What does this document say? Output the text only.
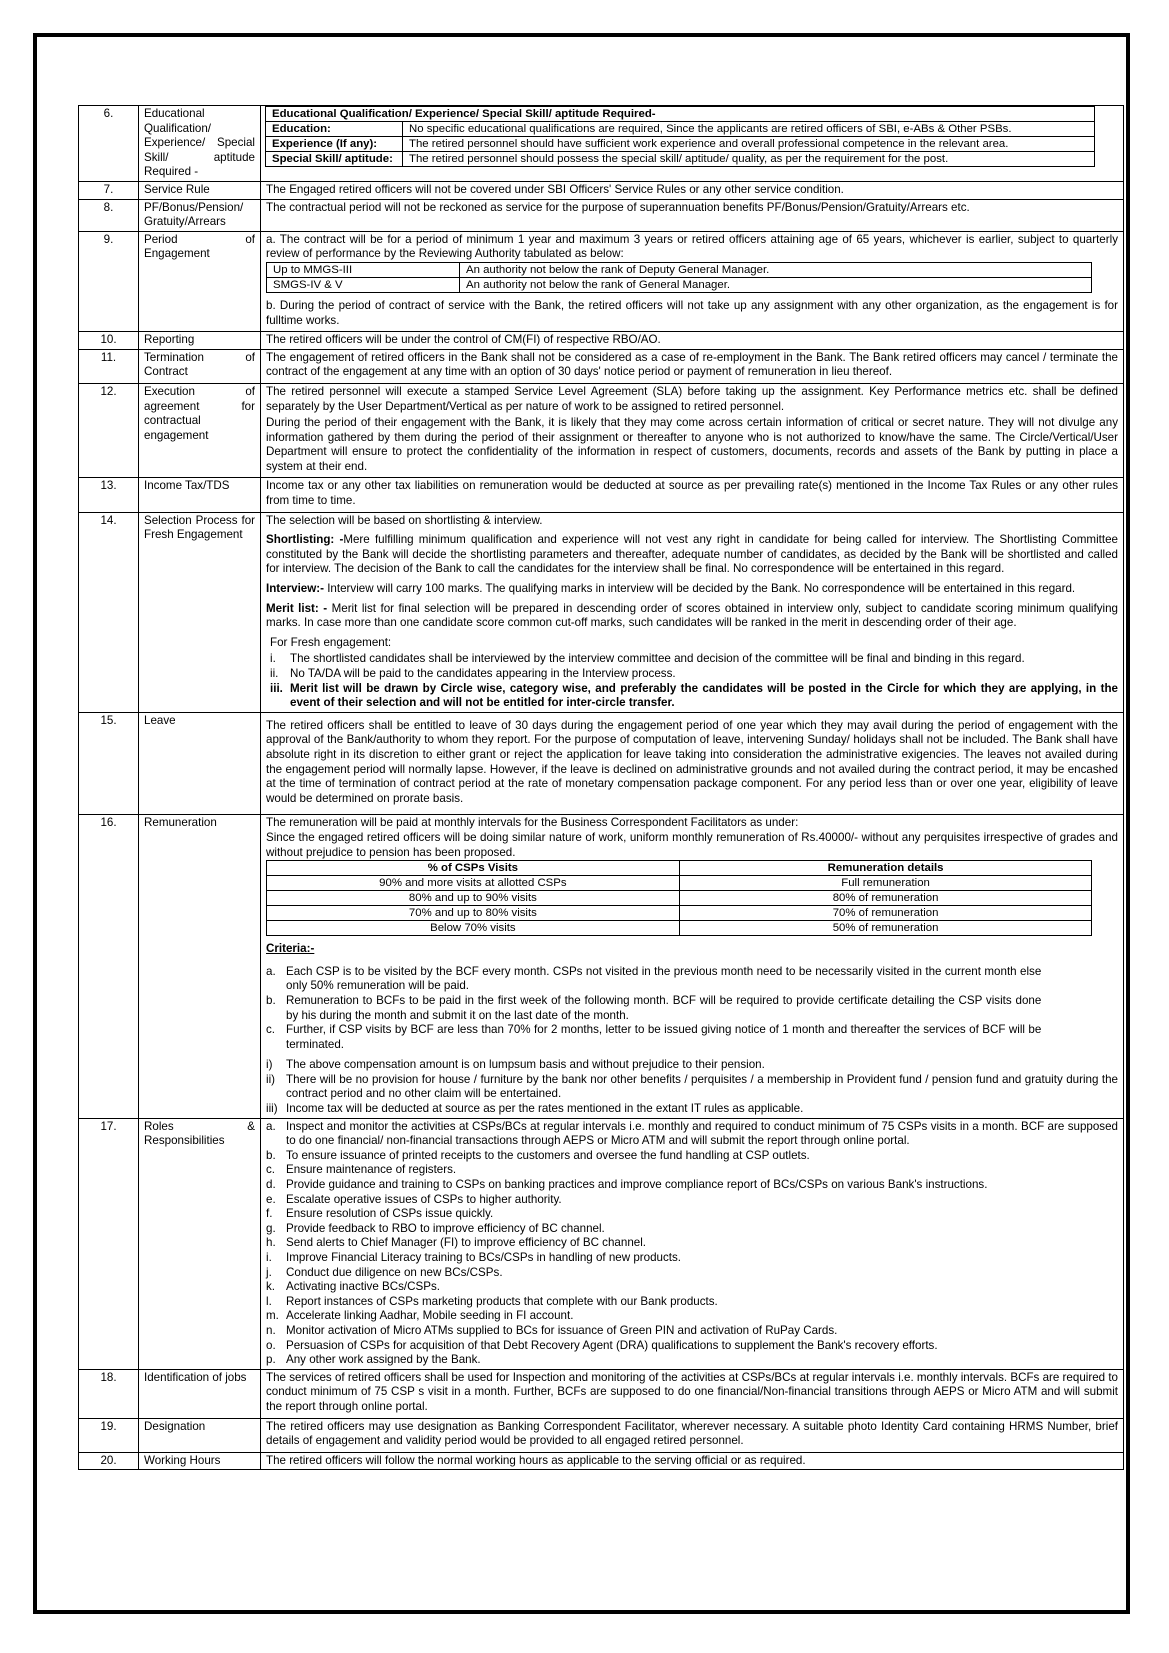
6.	Educational Qualification/ Experience/ Special Skill/ aptitude Required -	
Educational Qualification/ Experience/ Special Skill/ aptitude Required-
Education:	No specific educational qualifications are required, Since the applicants are retired officers of SBI, e-ABs & Other PSBs.
Experience (If any):	The retired personnel should have sufficient work experience and overall professional competence in the relevant area.
Special Skill/ aptitude:	The retired personnel should possess the special skill/ aptitude/ quality, as per the requirement for the post.

7.	Service Rule	The Engaged retired officers will not be covered under SBI Officers' Service Rules or any other service condition.
8.	PF/Bonus/Pension/ Gratuity/Arrears	The contractual period will not be reckoned as service for the purpose of superannuation benefits PF/Bonus/Pension/Gratuity/Arrears etc.
9.	Period of Engagement	

a. The contract will be for a period of minimum 1 year and maximum 3 years or retired officers attaining age of 65 years, whichever is earlier, subject to quarterly review of performance by the Reviewing Authority tabulated as below:

Up to MMGS-III	An authority not below the rank of Deputy General Manager.
SMGS-IV & V	An authority not below the rank of General Manager.

b. During the period of contract of service with the Bank, the retired officers will not take up any assignment with any other organization, as the engagement is for fulltime works.

10.	Reporting	The retired officers will be under the control of CM(FI) of respective RBO/AO.
11.	Termination of Contract	

The engagement of retired officers in the Bank shall not be considered as a case of re-employment in the Bank. The Bank retired officers may cancel / terminate the contract of the engagement at any time with an option of 30 days' notice period or payment of remuneration in lieu thereof.

12.	Execution of agreement for contractual engagement	

The retired personnel will execute a stamped Service Level Agreement (SLA) before taking up the assignment. Key Performance metrics etc. shall be defined separately by the User Department/Vertical as per nature of work to be assigned to retired personnel.

During the period of their engagement with the Bank, it is likely that they may come across certain information of critical or secret nature. They will not divulge any information gathered by them during the period of their assignment or thereafter to anyone who is not authorized to know/have the same. The Circle/Vertical/User Department will ensure to protect the confidentiality of the information in respect of customers, documents, records and assets of the Bank by putting in place a system at their end.

13.	Income Tax/TDS	Income tax or any other tax liabilities on remuneration would be deducted at source as per prevailing rate(s) mentioned in the Income Tax Rules or any other rules from time to time.

14.	Selection Process for Fresh Engagement	

The selection will be based on shortlisting & interview.

Shortlisting: -Mere fulfilling minimum qualification and experience will not vest any right in candidate for being called for interview. The Shortlisting Committee constituted by the Bank will decide the shortlisting parameters and thereafter, adequate number of candidates, as decided by the Bank will be shortlisted and called for interview. The decision of the Bank to call the candidates for the interview shall be final. No correspondence will be entertained in this regard.

Interview:- Interview will carry 100 marks. The qualifying marks in interview will be decided by the Bank. No correspondence will be entertained in this regard.

Merit list: - Merit list for final selection will be prepared in descending order of scores obtained in interview only, subject to candidate scoring minimum qualifying marks. In case more than one candidate score common cut-off marks, such candidates will be ranked in the merit in descending order of their age.

For Fresh engagement:

i.	The shortlisted candidates shall be interviewed by the interview committee and decision of the committee will be final and binding in this regard.
ii.	No TA/DA will be paid to the candidates appearing in the Interview process.
iii. Merit list will be drawn by Circle wise, category wise, and preferably the candidates will be posted in the Circle for which they are applying, in the event of their selection and will not be entitled for inter-circle transfer.

15.	Leave	The retired officers shall be entitled to leave of 30 days during the engagement period of one year which they may avail during the period of engagement with the approval of the Bank/authority to whom they report. For the purpose of computation of leave, intervening Sunday/ holidays shall not be included. The Bank shall have absolute right in its discretion to either grant or reject the application for leave taking into consideration the administrative exigencies. The leaves not availed during the engagement period will normally lapse. However, if the leave is declined on administrative grounds and not availed during the contract period, it may be encashed at the time of termination of contract period at the rate of monetary compensation package component. For any period less than or over one year, eligibility of leave would be determined on prorate basis.

16.	Remuneration	The remuneration will be paid at monthly intervals for the Business Correspondent Facilitators as under:

Since the engaged retired officers will be doing similar nature of work, uniform monthly remuneration of Rs.40000/- without any perquisites irrespective of grades and without prejudice to pension has been proposed.

% of CSPs Visits	Remuneration details
90% and more visits at allotted CSPs	Full remuneration
80% and up to 90% visits	80% of remuneration
70% and up to 80% visits	70% of remuneration
Below 70% visits	50% of remuneration

Criteria:-

a. Each CSP is to be visited by the BCF every month. CSPs not visited in the previous month need to be necessarily visited in the current month else only 50% remuneration will be paid.
b. Remuneration to BCFs to be paid in the first week of the following month. BCF will be required to provide certificate detailing the CSP visits done by his during the month and submit it on the last date of the month.
c. Further, if CSP visits by BCF are less than 70% for 2 months, letter to be issued giving notice of 1 month and thereafter the services of BCF will be terminated.
i)	The above compensation amount is on lumpsum basis and without prejudice to their pension.
ii) There will be no provision for house / furniture by the bank nor other benefits / perquisites / a membership in Provident fund / pension fund and gratuity during the contract period and no other claim will be entertained.
iii) Income tax will be deducted at source as per the rates mentioned in the extant IT rules as applicable.

17.	Roles & Responsibilities	
a. Inspect and monitor the activities at CSPs/BCs at regular intervals i.e. monthly and required to conduct minimum of 75 CSPs visits in a month. BCF are supposed to do one financial/ non-financial transactions through AEPS or Micro ATM and will submit the report through online portal.
b. To ensure issuance of printed receipts to the customers and oversee the fund handling at CSP outlets.
c. Ensure maintenance of registers.
d. Provide guidance and training to CSPs on banking practices and improve compliance report of BCs/CSPs on various Bank's instructions.
e. Escalate operative issues of CSPs to higher authority.
f.	Ensure resolution of CSPs issue quickly.
g. Provide feedback to RBO to improve efficiency of BC channel.
h. Send alerts to Chief Manager (FI) to improve efficiency of BC channel.
i.	Improve Financial Literacy training to BCs/CSPs in handling of new products.
j.	Conduct due diligence on new BCs/CSPs.
k. Activating inactive BCs/CSPs.
l.	Report instances of CSPs marketing products that complete with our Bank products.
m. Accelerate linking Aadhar, Mobile seeding in FI account.
n. Monitor activation of Micro ATMs supplied to BCs for issuance of Green PIN and activation of RuPay Cards.
o. Persuasion of CSPs for acquisition of that Debt Recovery Agent (DRA) qualifications to supplement the Bank's recovery efforts.
p. Any other work assigned by the Bank.

18.	Identification of jobs	The services of retired officers shall be used for Inspection and monitoring of the activities at CSPs/BCs at regular intervals i.e. monthly intervals. BCFs are required to conduct minimum of 75 CSP s visit in a month. Further, BCFs are supposed to do one financial/Non-financial transitions through AEPS or Micro ATM and will submit the report through online portal.

19.	Designation	The retired officers may use designation as Banking Correspondent Facilitator, wherever necessary. A suitable photo Identity Card containing HRMS Number, brief details of engagement and validity period would be provided to all engaged retired personnel.

20.	Working Hours	The retired officers will follow the normal working hours as applicable to the serving official or as required.
